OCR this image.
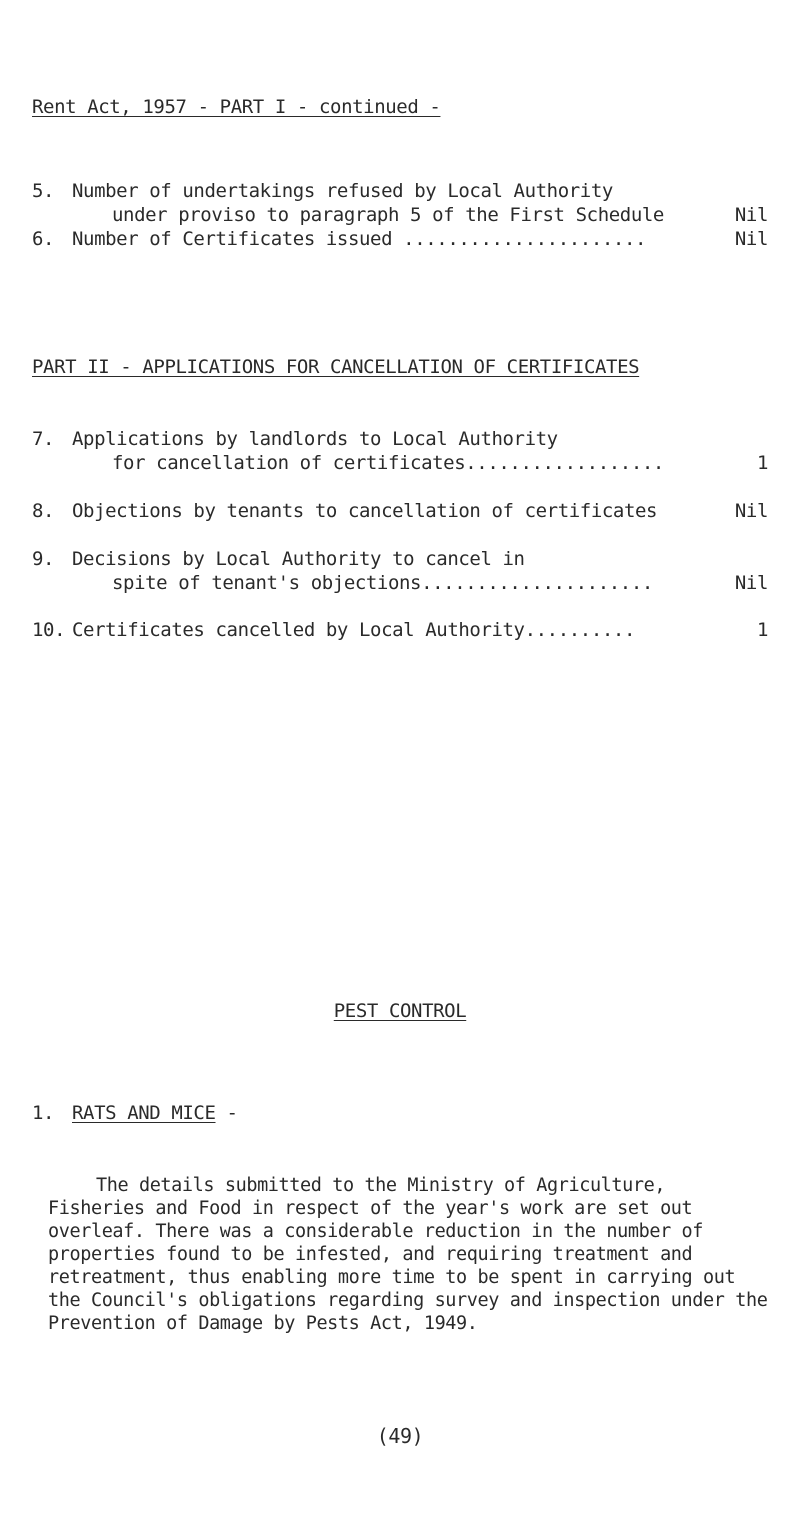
Rent Act, 1957 - PART I - continued -
5. Number of undertakings refused by Local Authority
under proviso to paragraph 5 of the First Schedule	Nil
6. Number of Certificates issued ......................	Nil
PART II - APPLICATIONS FOR CANCELLATION OF CERTIFICATES
7. Applications by landlords to Local Authority
for cancellation of certificates..................	1
8. Objections by tenants to cancellation of certificates	Nil
9. Decisions by Local Authority to cancel in
spite of tenant's objections.....................	Nil
10. Certificates cancelled by Local Authority..........	1
PEST CONTROL
1. RATS AND MICE -
The details submitted to the Ministry of Agriculture, Fisheries and Food in respect of the year's work are set out overleaf. There was a considerable reduction in the number of properties found to be infested, and requiring treatment and retreatment, thus enabling more time to be spent in carrying out the Council's obligations regarding survey and inspection under the Prevention of Damage by Pests Act, 1949.
(49)
